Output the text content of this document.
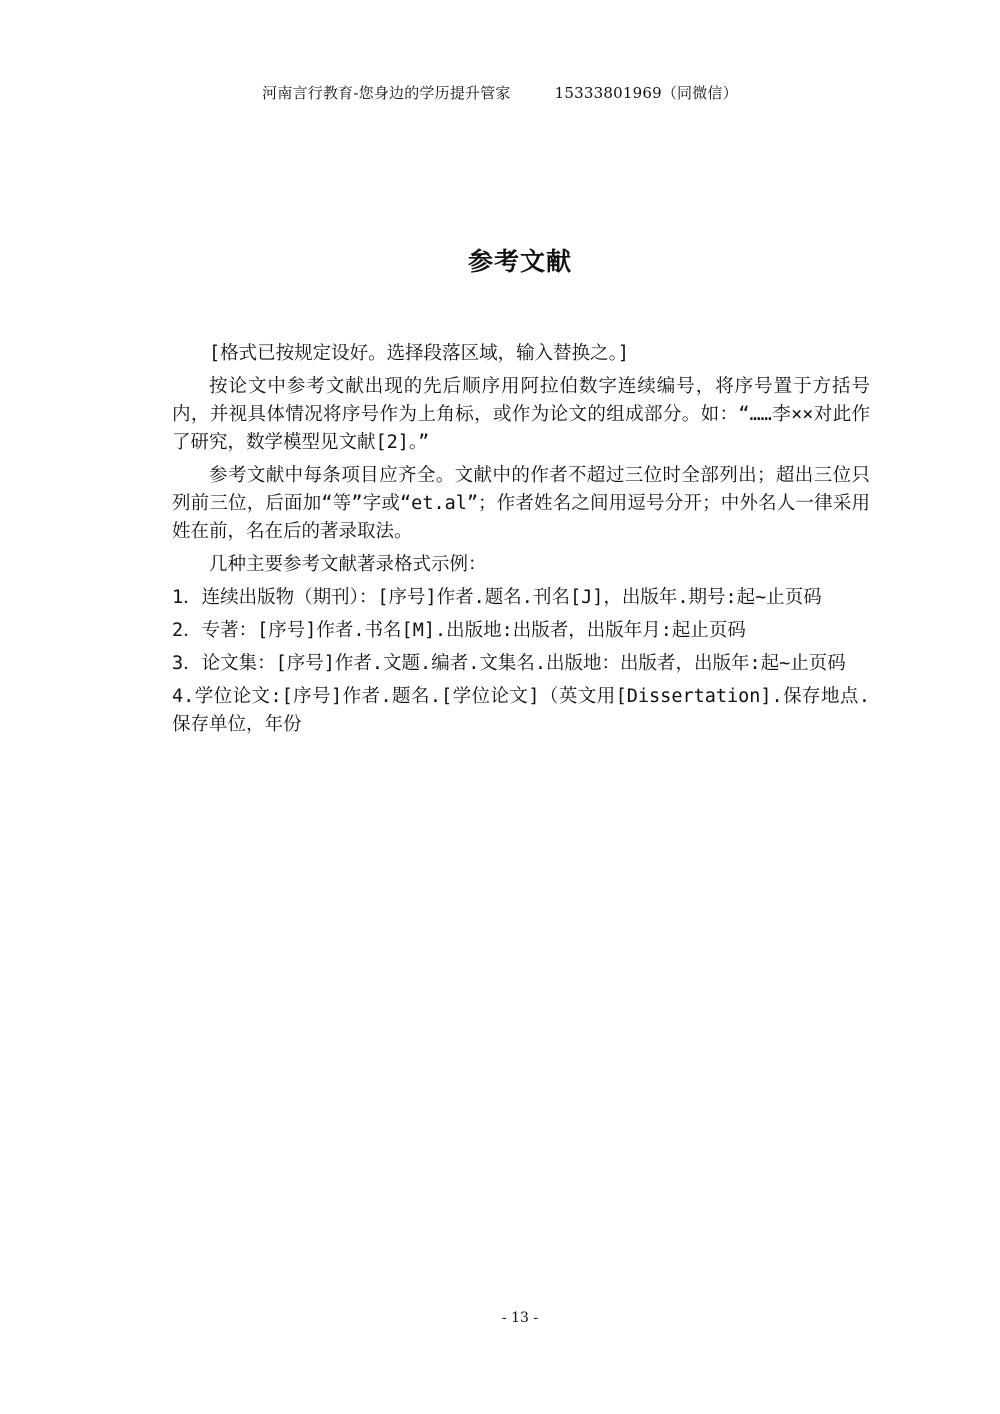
河南言行教育-您身边的学历提升管家	15333801969（同微信）
参考文献

[格式已按规定设好。选择段落区域，输入替换之。]

按论文中参考文献出现的先后顺序用阿拉伯数字连续编号，将序号置于方括号内，并视具体情况将序号作为上角标，或作为论文的组成部分。如：“……李××对此作了研究，数学模型见文献[2]。”

参考文献中每条项目应齐全。文献中的作者不超过三位时全部列出；超出三位只列前三位，后面加“等”字或“et.al”；作者姓名之间用逗号分开；中外名人一律采用姓在前，名在后的著录取法。

几种主要参考文献著录格式示例：

1．连续出版物（期刊）：[序号]作者.题名.刊名[J]，出版年.期号:起~止页码

2．专著：[序号]作者.书名[M].出版地:出版者，出版年月:起止页码

3．论文集：[序号]作者.文题.编者.文集名.出版地：出版者，出版年:起~止页码

4.学位论文:[序号]作者.题名.[学位论文]（英文用[Dissertation].保存地点.保存单位，年份

- 13 -
